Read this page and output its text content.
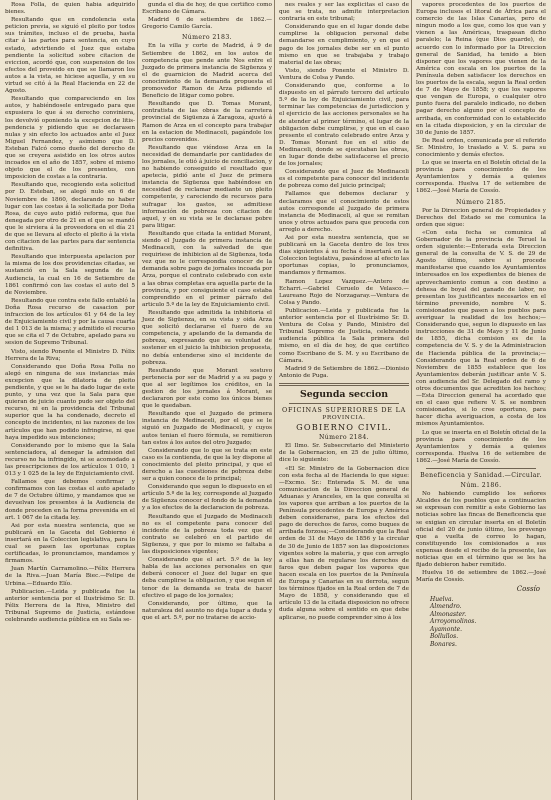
Rosa Folla, de quien había adquirido bienes.
Resultando que en condolencia esta peticion previa, se siguió el pleito por todos sus trámites, incluso el de prueba, hasta citar á las partes para sentencia, en cuyo estado, advirtiendo el Juez que estaba pendiente la solicitud sobre citacion de eviccion, acordó que, con suspension de los efectos del proveido en que se llamaron los autos a la vista, se hiciese aquella, y en su virtud se citó á la Real Hacienda en 22 de Agosto.
Resultando que compareciendo en los autos, y habiéndosele entregado para que expusiera lo que á su derecho conviniera, los devolvió oponiendo la excepcion de litis-pendencia y pidiendo que se declarasen nulas y sin efecto los actuados ante el Juez Miguel Fernandez, y asimismo que D. Esteban Falcó como dueño del derecho de que se creyera asistido en los otros autos incoados en el año de 1857, sobre el mismo objeto que el de los presentes, con imposicion de costas a la contraria.
Resultando que, recogiendo esta solicitud por D. Esteban, se alegó nulo en 6 de Noviembre de 1860, declarando no haber lugar con las costas á la solicitada por Doña Rosa, de cuyo auto pidió reforma, que fue denegada por otro de 21 en el que se mandó que le sirviera á la proveedora en el día 21 de que se llevara al efecto el pleito á la vista con citacion de las partes para dar sentencia definitiva.
Resultando que interpuesta apelacion por la misma de los dos providencias citadas, se sustanció en la Sala segunda de la Audiencia, la cual en 16 de Setiembre de 1861 confirmó con las costas el auto del 5 de Noviembre.
Resultando que contra este fallo entabló la Doña Rosa recurso de casacion por infraccion de los artículos 61 y 64 de la ley de Enjuiciamiento civil y por la causa cuarta del 1 013 de la misma; y admitido el recurso que se cita el 7 de Octubre, apelado para su sesion de Supremo Tribunal.
Visto, siendo Ponente el Ministro D. Félix Herrera de la Riva;
Considerando que Doña Rosa Folla no alegó en ninguna de sus instancias más excepcion que la dilatoria de pleito pendiente, y que se le ha dado lugar de este punto, y una vez que la Sala para que quieran de juicio cuanto pudo ser objeto del recurso, ni en la providencia del Tribunal superior que la ha condenado, decreto el concepto de incidentes, ni las razones de los artículos que han podido infringirse, ni que haya impedido sus intenciones;
Considerando por lo mismo que la Sala sentenciadora, al denegar la admision del recurso no ha infringido, ni se acomodado a las prescripciones de los artículos 1 010, 1 013 y 1 025 de la ley de Enjuiciamiento civil.
Fallamos que debemos confirmar y confirmamos con las costas el auto apelado de 7 de Octubre último, y mandamos que se devuelvan los presentes á la Audiencia de donde proceden en la forma prevenida en el art. 1 067 de la citada ley.
Asi por esta nuestra sentencia, que se publicará en la Gaceta del Gobierno é insertará en la Coleccion legislativa, para lo cual se pasen las oportunas copias certificadas, lo pronunciamos, mandamos y firmamos.
Juan Martín Carramolino.—Félix Herrera de la Riva.—Juan María Biec.—Felipe de Urbina.—Eduardo Elío.
Publicacion.—Leida y publicada fue la anterior sentencia por el Ilustrísimo Sr. D. Félix Herrera de la Riva, Ministro del Tribunal Supremo de Justicia, estándose celebrando audiencia pública en su Sala se-
gunda el día de hoy, de que certifico como Escribano de Cámara.
Madrid 6 de setiembre de 1862.—Gregorio Camilo García.
Número 2183.
En la villa y corte de Madrid, á 9 de Setiembre de 1862, en los autos de competencia que pende ante Nos entre el Juzgado de primera instancia de Sigüenza y el de guarnicion de Madrid acerca del conocimiento de la demanda propuesta el promovedor Ramon de Arza pidiendo el Beneficio de litigar como pobre.
Resultando que D. Tomas Morant, contratista de las obras de la carretera provincial de Sigüenza á Zaragoza, ajustó á Ramon de Arza en el concepto para trabajar en la estacion de Medinaceli, pagándole los precios convenidos.
Resultando que viéndose Arza en la necesidad de demandarle por cantidades de los jornales, le otió á juicio de conciliacion, y no habiendo conseguido el resultado que apetecia, pidió ante el Juez de primera instancia de Sigüenza que habiéndose en necesidad de reclamar mediante un pleito competente, y careciendo de recursos para sufragar los gastos, se admitiese información de pobreza con citacion de aquel, y en su vista se le declarase pobre para litigar.
Resultando que citada la entidad Morant, siendo el Juzgado de primera instancia de Medinaceli, con la salvedad de que requiriese de inhibicion al de Sigüenza, toda vez que no le correspondia conocer de la demanda sobre pago de jornales incoada por Arza, porque el contrato celebrado con este a las obras completas era aquella parte de la provincia, y por consiguiente el caso estaba comprendido en el primer párrafo del articulo 5.º de la ley de Enjuiciamiento civil.
Resultando que admitida la inhibitoria el Juez de Sigüenza, en su vista y oida Arza que solicitó declararse el fuero de su competencia, y apelando de la demanda de pobreza, expresando que su voluntad de sostener en el juicio la inhibicion propuesta, no debía entenderse sino el incidente de pobreza.
Resultando que Morant sostuvo pertenecia por ser de Madrid y a su pago y que al ser legítimos los créditos, en la gestion de los jornales á Morant, se declararon por este como los únicos bienes que le quedaban.
Resultando que el Juzgado de primera instancia de Medinaceli, por el que se le siguió en Juzgado de Medinaceli, y cuyos autos tenian el fuero fórmula, se remitieron tan estos á los autos del otro Juzgado;
Considerando que lo que se trata en este caso es la contienda, de que la ley dispone al conocimiento del pleito principal, y que el derecho a las cuestiones de pobreza debe ser a quien conoce de lo principal;
Considerando que segun lo dispuesto en el artículo 5.º de la ley, corresponde al Juzgado de Sigüenza conocer el fondo de la demanda y a los efectos de la declaracion de pobreza.
Resultando que el Juzgado de Medinaceli no es el competente para conocer del incidente de la pobreza toda vez que el contrato se celebró en el partido de Sigüenza, y que por lo mismo se faltaba a las disposiciones vigentes;
Considerando que el art. 5.º de la ley habla de las acciones personales en que deberá conocer el Juez del lugar en que deba cumplirse la obligacion, y que segun el tenor de la demanda se trata de hacer efectivo el pago de los jornales;
Considerando, por último, que la naturaleza del asunto no deja lugar a duda y que el art. 5.º, por no tratarse de accio-
nes reales y ser las explicitas el caso de que se trata, no admite interpretacion contraria en este tribunal;
Considerando que en el lugar donde debe cumplirse la obligacion personal debe demandarse en cumplimiento, y en que el pago de los jornales debe ser en el punto mismo en que se trabajaba y trabajo material de las obras;
Visto, siendo Ponente el Ministro D. Ventura de Colsa y Pando.
Considerando que, conforme a lo dispuesto en el párrafo tercero del artículo 5.º de la ley de Enjuiciamiento civil, para terminar las competencias de jurisdiccion y el ejercicio de las acciones personales se ha de atender al primer término, el lugar de la obligacion debe cumplirse, y que en el caso presente el contrato celebrado entre Arza y D. Tomas Morant fue en el sitio de Medinaceli, donde se ejecutaban las obras, en lugar donde debe satisfacerse el precio de los jornales;
Considerando que el Juez de Medinaceli es el competente para conocer del incidente de pobreza como del juicio principal;
Fallamos que debemos declarar y declaramos que el conocimiento de estos autos corresponde al Juzgado de primera instancia de Medinaceli, al que se remitan unos y otros actuados para que proceda con arreglo a derecho.
Asi por esta nuestra sentencia, que se publicará en la Gaceta dentro de los tres dias siguientes á su fecha é insertará en la Coleccion legislativa, pasándose al efecto las oportunas copias, lo pronunciamos, mandamos y firmamos.
Ramon Lopez Vazquez.—Antero de Echarri.—Gabriel Ceruelo de Velasco.—Laureano Rojo de Norzagaray.—Ventura de Colsa y Pando.
Publicacion.—Leida y publicada fue la anterior sentencia por el Ilustrísimo Sr. D. Ventura de Colsa y Pando, Ministro del Tribunal Supremo de Justicia, celebrando audiencia pública la Sala primera del mismo, en el día de hoy, de que certifico como Escribano de S. M. y su Escribano de Cámara.
Madrid 9 de Setiembre de 1862.—Dionisio Antonio de Puga.
Segunda seccion
OFICINAS SUPERIORES DE LA
PROVINCIA.
GOBIERNO CIVIL.
Número 2184.
El Ilmo. Sr. Subsecretario del Ministerio de la Gobernacion, en 25 de julio último, dice lo siguiente:
«El Sr. Ministro de la Gobernacion dice con esta fecha al de Hacienda lo que sigue:—Excmo. Sr.: Enterada S. M. de una comunicacion de la Direccion general de Aduanas y Aranceles, en la que consulta si los vapores que arriban a los puertos de la Península procedentes de Europa y América deben considerarse, para los efectos del pago de derechos de faros, como buques de arribada forzosa;—Considerando que la Real orden de 31 de Mayo de 1856 y la circular de 30 de Junio de 1857 son las disposiciones vigentes sobre la materia, y que con arreglo a ellas han de regularse los derechos de faros que deben pagar los vapores que hacen escala en los puertos de la Península de Europa y Canarias en su derrota, segun los términos fijados en la Real orden de 7 de Mayo de 1858, y considerando que el artículo 13 de la citada disposicion no ofrece duda alguna sobre el sentido en que debe aplicarse, no puede comprender sino á los
vapores procedentes de los puertos de Europa inclusos el litoral de África para el comercio de las Islas Canarias, pero de ningun modo a los que, como los que van y vienen a las Américas, traspasan dicho paralelo; la Reina (que Dios guarde), de acuerdo con lo informado por la Direccion general de Sanidad, ha tenido a bien disponer que los vapores que vienen de la América con escala en los puertos de la Península deben satisfacer los derechos en los puertos de la escala, segun la Real orden de 7 de Mayo de 1858; y que los vapores que vengan de Europa, o cualquier otro punto fuera del paralelo indicado, no deben pagar derecho alguno por el concepto de arribada, en conformidad con lo establecido en la citada disposicion, y en la circular de 30 de Junio de 1857.
De Real orden, comunicada por el referido Sr. Ministro, lo traslado a V. S. para su conocimiento y demás efectos.
Lo que se inserta en el Boletín oficial de la provincia para conocimiento de los Ayuntamientos y demás a quienes corresponda. Huelva 17 de setiembre de 1862.—José María de Cossío.
Número 2185.
Por la Direccion general de Propiedades y Derechos del Estado se me comunica la orden que sigue:
«Con esta fecha se comunica al Gobernador de la provincia de Teruel la orden siguiente:—Enterada esta Direccion general de la consulta de V. S. de 29 de Agosto último, sobre si procede manifestarse que cuando los Ayuntamientos interesados en los expedientes de bienes de aprovechamiento comun a con destino a dehesa de boyal del ganado de labor, no presentan los justificantes necesarios en el término prevenido, nombre V. S. comisionados que pasen a los pueblos para averiguar la realidad de los hechos;—Considerando que, segun lo dispuesto en las instrucciones de 31 de Mayo y 11 de Junio de 1855, dicha comision es de la competencia de V. S. y de la Administracion de Hacienda pública de la provincia;—Considerando que la Real orden de 6 de Noviembre de 1855 establece que los Ayuntamientos deberán justificar ante V. S. con audiencia del Sr. Delegado del ramo y otros documentos que acrediten los hechos;—Esta Direccion general ha acordado que en el caso que refiere V. S. se nombren comisionados, si lo cree oportuno, para hacer dicha averiguacion, a costa de los mismos Ayuntamientos.
Lo que se inserta en el Boletín oficial de la provincia para conocimiento de los Ayuntamientos y demás a quienes corresponda. Huelva 16 de setiembre de 1862.—José María de Cossío.
Beneficencia y Sanidad.—Circular.
Núm. 2186.
No habiendo cumplido los señores Alcaldes de los pueblos que a continuacion se expresan con remitir a este Gobierno las noticias sobre las fincas de Beneficencia que se exigian en circular inserta en el Boletín oficial del 20 de junio último, les prevengo que a vuelta de correo lo hagan, constituyendo los comisionados a sus expensas desde el recibo de la presente, las noticias que en el término que se les ha fijado debieron haber remitido.
Huelva 16 de setiembre de 1862.—José María de Cossío.
Cossío
Huelva.
Almendro.
Almonaster.
Arroyomolinos.
Ayamonte.
Bollullos.
Bonares.
